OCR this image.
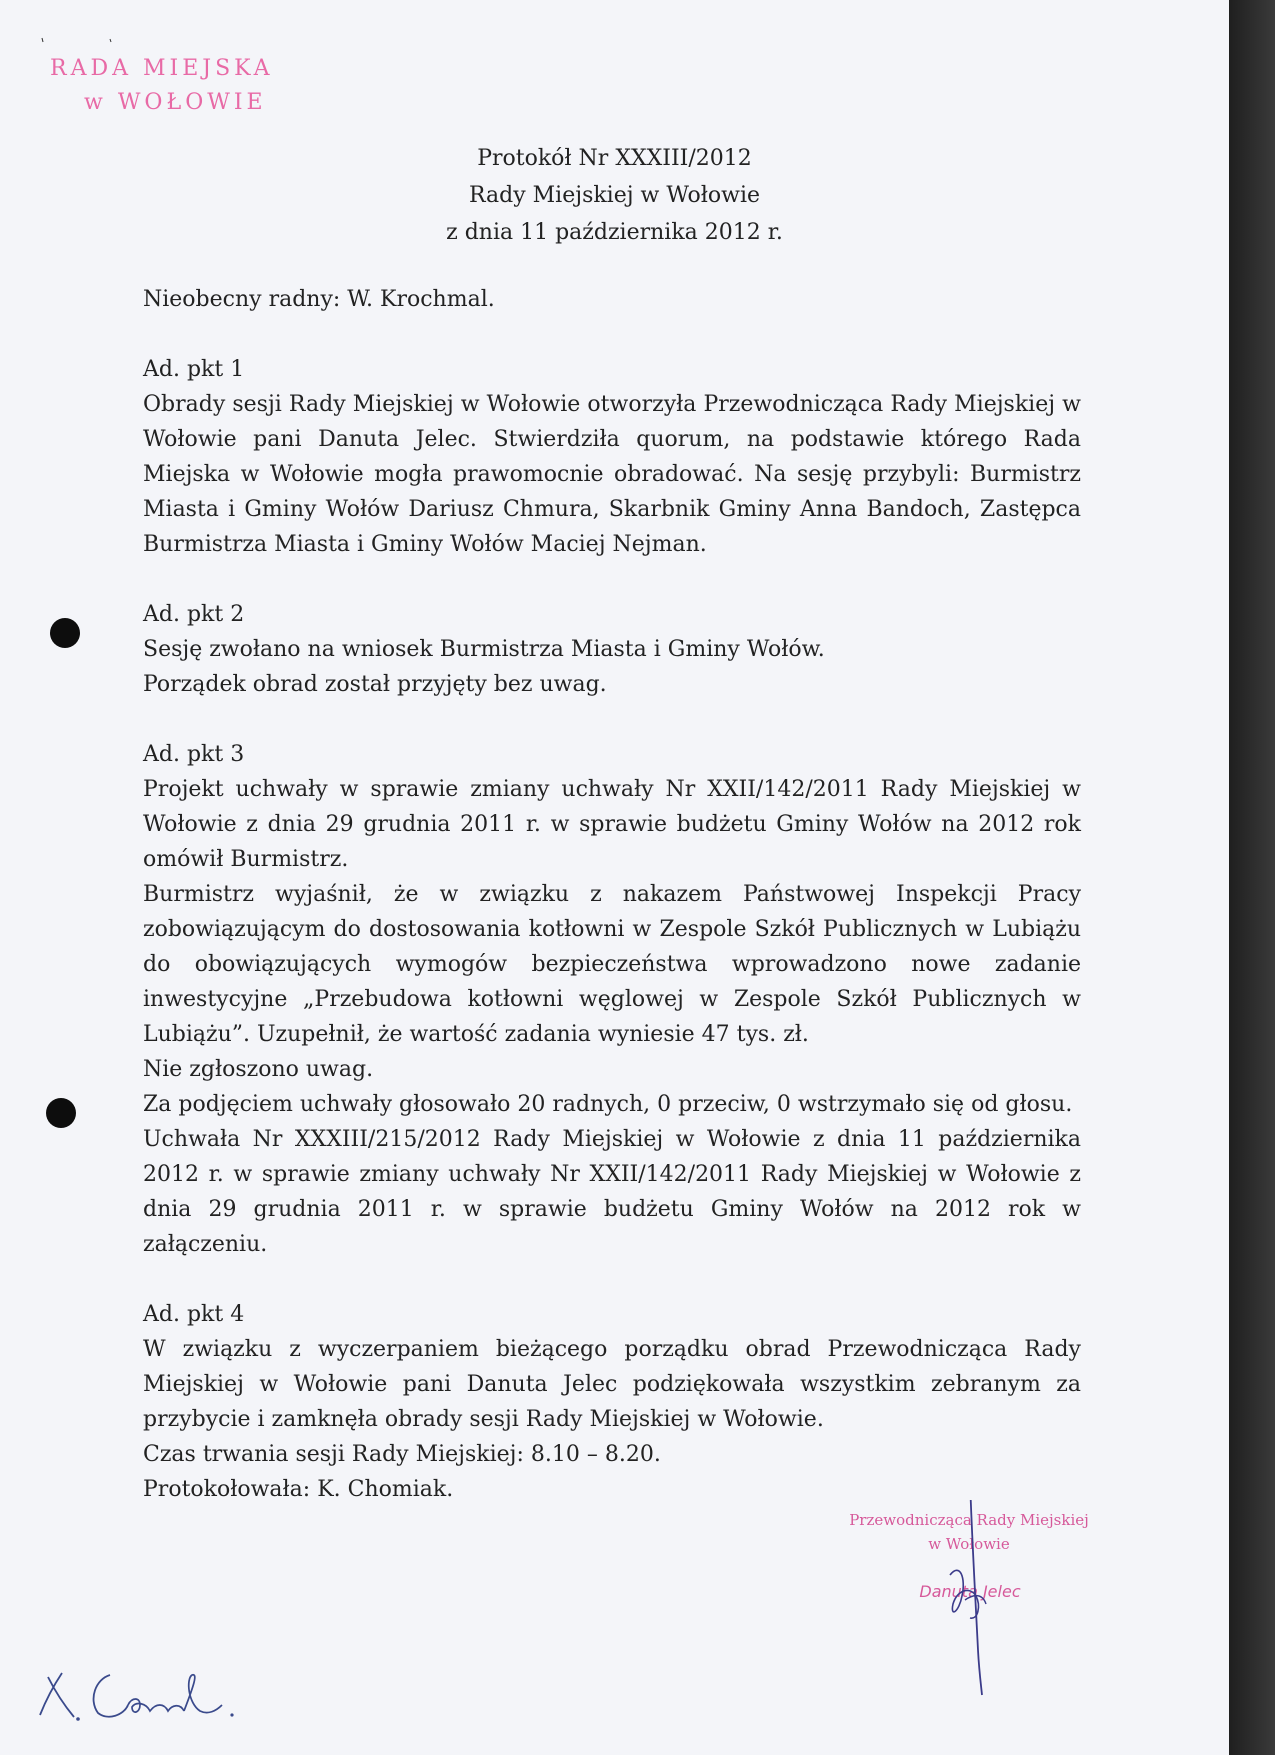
RADA MIEJSKA
w WOŁOWIE
Protokół Nr XXXIII/2012
Rady Miejskiej w Wołowie
z dnia 11 października 2012 r.

Nieobecny radny: W. Krochmal.

Ad. pkt 1

Obrady sesji Rady Miejskiej w Wołowie otworzyła Przewodnicząca Rady Miejskiej w Wołowie pani Danuta Jelec. Stwierdziła quorum, na podstawie którego Rada Miejska w Wołowie mogła prawomocnie obradować. Na sesję przybyli: Burmistrz Miasta i Gminy Wołów Dariusz Chmura, Skarbnik Gminy Anna Bandoch, Zastępca Burmistrza Miasta i Gminy Wołów Maciej Nejman.

Ad. pkt 2

Sesję zwołano na wniosek Burmistrza Miasta i Gminy Wołów.

Porządek obrad został przyjęty bez uwag.

Ad. pkt 3

Projekt uchwały w sprawie zmiany uchwały Nr XXII/142/2011 Rady Miejskiej w Wołowie z dnia 29 grudnia 2011 r. w sprawie budżetu Gminy Wołów na 2012 rok omówił Burmistrz.

Burmistrz wyjaśnił, że w związku z nakazem Państwowej Inspekcji Pracy zobowiązującym do dostosowania kotłowni w Zespole Szkół Publicznych w Lubiążu do obowiązujących wymogów bezpieczeństwa wprowadzono nowe zadanie inwestycyjne „Przebudowa kotłowni węglowej w Zespole Szkół Publicznych w Lubiążu”. Uzupełnił, że wartość zadania wyniesie 47 tys. zł.

Nie zgłoszono uwag.

Za podjęciem uchwały głosowało 20 radnych, 0 przeciw, 0 wstrzymało się od głosu.

Uchwała Nr XXXIII/215/2012 Rady Miejskiej w Wołowie z dnia 11 października 2012 r. w sprawie zmiany uchwały Nr XXII/142/2011 Rady Miejskiej w Wołowie z dnia 29 grudnia 2011 r. w sprawie budżetu Gminy Wołów na 2012 rok w załączeniu.

Ad. pkt 4

W związku z wyczerpaniem bieżącego porządku obrad Przewodnicząca Rady Miejskiej w Wołowie pani Danuta Jelec podziękowała wszystkim zebranym za przybycie i zamknęła obrady sesji Rady Miejskiej w Wołowie.

Czas trwania sesji Rady Miejskiej: 8.10 – 8.20.

Protokołowała: K. Chomiak.

Przewodnicząca Rady Miejskiej
w Wołowie
Danuta Jelec
